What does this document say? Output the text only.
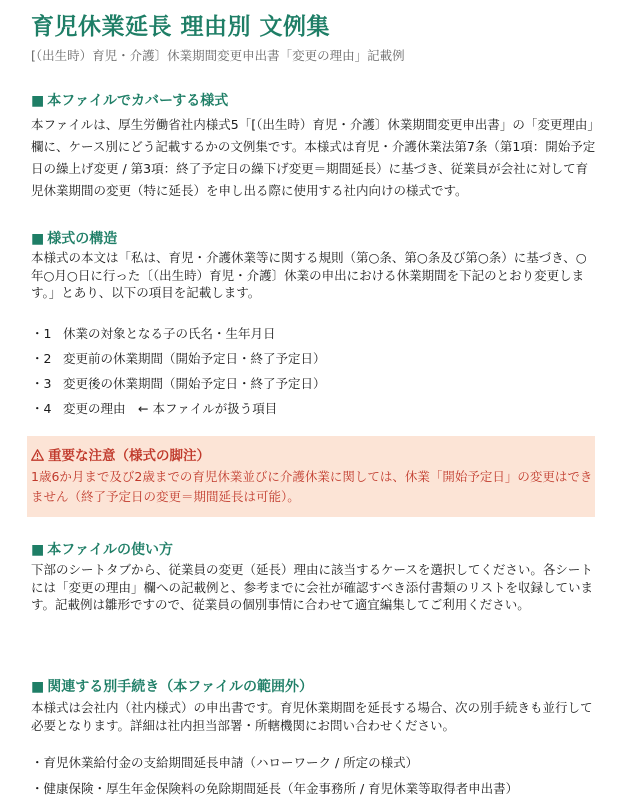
育児休業延長 理由別 文例集
[（出生時）育児・介護〕休業期間変更申出書「変更の理由」記載例
■ 本ファイルでカバーする様式
本ファイルは、厚生労働省社内様式5「[（出生時）育児・介護〕休業期間変更申出書」の「変更理由」欄に、ケース別にどう記載するかの文例集です。本様式は育児・介護休業法第7条（第1項：開始予定日の繰上げ変更 / 第3項：終了予定日の繰下げ変更＝期間延長）に基づき、従業員が会社に対して育児休業期間の変更（特に延長）を申し出る際に使用する社内向けの様式です。
■ 様式の構造
本様式の本文は「私は、育児・介護休業等に関する規則（第○条、第○条及び第○条）に基づき、○年○月○日に行った〔（出生時）育児・介護〕休業の申出における休業期間を下記のとおり変更します。」とあり、以下の項目を記載します。
・1 休業の対象となる子の氏名・生年月日
・2 変更前の休業期間（開始予定日・終了予定日）
・3 変更後の休業期間（開始予定日・終了予定日）
・4 変更の理由　← 本ファイルが扱う項目
重要な注意（様式の脚注）
1歳6か月まで及び2歳までの育児休業並びに介護休業に関しては、休業「開始予定日」の変更はできません（終了予定日の変更＝期間延長は可能）。
■ 本ファイルの使い方
下部のシートタブから、従業員の変更（延長）理由に該当するケースを選択してください。各シートには「変更の理由」欄への記載例と、参考までに会社が確認すべき添付書類のリストを収録しています。記載例は雛形ですので、従業員の個別事情に合わせて適宜編集してご利用ください。
■ 関連する別手続き（本ファイルの範囲外）
本様式は会社内（社内様式）の申出書です。育児休業期間を延長する場合、次の別手続きも並行して必要となります。詳細は社内担当部署・所轄機関にお問い合わせください。
・育児休業給付金の支給期間延長申請（ハローワーク / 所定の様式）
・健康保険・厚生年金保険料の免除期間延長（年金事務所 / 育児休業等取得者申出書）
